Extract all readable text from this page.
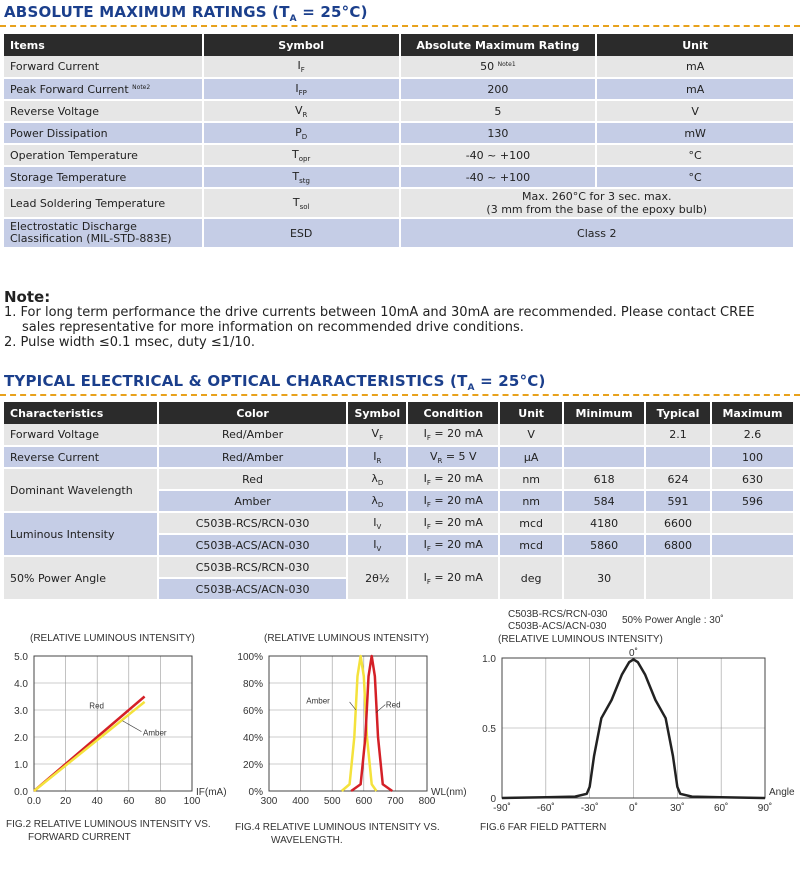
ABSOLUTE MAXIMUM RATINGS $(T_A = 25^\circ C)$
Items	Symbol	Absolute Maximum Rating	Unit
Forward Current	$I_F$	50 $^{Note1}$	mA
Peak Forward Current $^{Note2}$	$I_{FP}$	200	mA
Reverse Voltage	$V_R$	5	V
Power Dissipation	$P_D$	130	mW
Operation Temperature	$T_{opr}$	-40 ~ +100	°C
Storage Temperature	$T_{stg}$	-40 ~ +100	°C
Lead Soldering Temperature	$T_{sol}$	Max. 260°C for 3 sec. max.
(3 mm from the base of the epoxy bulb)	
Electrostatic Discharge
Classification (MIL-STD-883E)	ESD	Class 2	
Note:
1. For long term performance the drive currents between 10mA and 30mA are recommended. Please contact CREE
sales representative for more information on recommended drive conditions.
2. Pulse width ≤0.1 msec, duty ≤1/10.
TYPICAL ELECTRICAL & OPTICAL CHARACTERISTICS $(T_A = 25^\circ C)$
Characteristics	Color	Symbol	Condition	Unit	Minimum	Typical	Maximum
Forward Voltage	Red/Amber	$V_F$	$I_F = 20$ mA	V		2.1	2.6
Reverse Current	Red/Amber	$I_R$	$V_R = 5$ V	μA			100
Dominant Wavelength	Red	$\lambda_D$	$I_F = 20$ mA	nm	618	624	630
	Amber	$\lambda_D$	$I_F = 20$ mA	nm	584	591	596
Luminous Intensity	C503B-RCS/RCN-030	$I_V$	$I_F = 20$ mA	mcd	4180	6600	
	C503B-ACS/ACN-030	$I_V$	$I_F = 20$ mA	mcd	5860	6800	
50% Power Angle	C503B-RCS/RCN-030	2θ½	$I_F = 20$ mA	deg	30		
	C503B-ACS/ACN-030						
(RELATIVE LUMINOUS INTENSITY)
0.0 20 40 60 80 100
0.0
1.0
2.0
3.0
4.0
5.0
IF(mA)
Red
Amber
FIG.2 RELATIVE LUMINOUS INTENSITY VS.
FORWARD CURRENT
(RELATIVE LUMINOUS INTENSITY)
300 400 500 600 700 800
0%
20%
40%
60%
80%
100%
WL(nm)
Amber	Red
FIG.4 RELATIVE LUMINOUS INTENSITY VS.
WAVELENGTH.
C503B-RCS/RCN-030
C503B-ACS/ACN-030
50% Power Angle : 30˚
(RELATIVE LUMINOUS INTENSITY)
-90˚	-60˚	-30˚	0˚	30˚	60˚	90˚
0
0.5
1.0
Angle
0˚
FIG.6 FAR FIELD PATTERN
